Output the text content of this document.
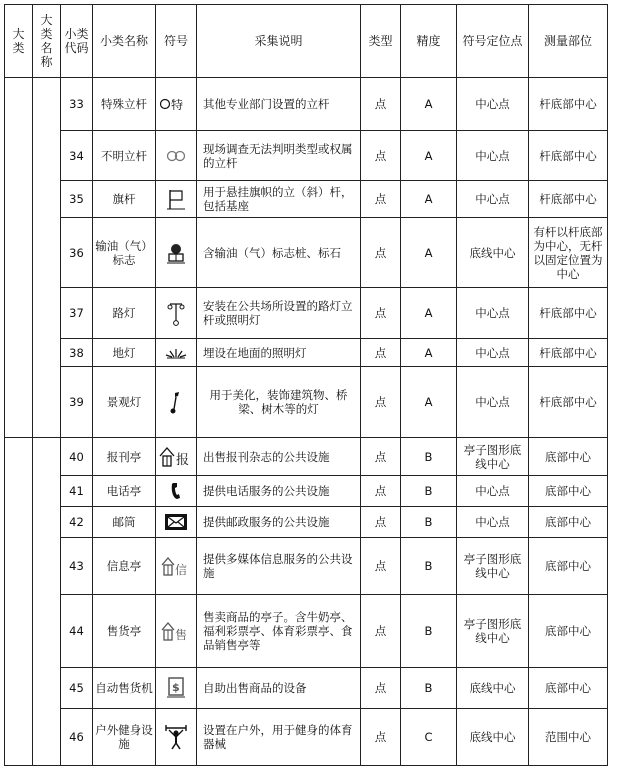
大类	大类名称	小类代码	小类名称	符号	采集说明	类型	精度	符号定位点	测量部位
		33	特殊立杆	特	其他专业部门设置的立杆	点	A	中心点	杆底部中心
		34	不明立杆		现场调查无法判明类型或权属的立杆	点	A	中心点	杆底部中心
		35	旗杆		用于悬挂旗帜的立（斜）杆，包括基座	点	A	中心点	杆底部中心
		36	输油（气）标志		含输油（气）标志桩、标石	点	A	底线中心	有杆以杆底部为中心，无杆以固定位置为中心
		37	路灯		安装在公共场所设置的路灯立杆或照明灯	点	A	中心点	杆底部中心
		38	地灯		埋设在地面的照明灯	点	A	中心点	杆底部中心
		39	景观灯		用于美化，装饰建筑物、桥梁、树木等的灯	点	A	中心点	杆底部中心
		40	报刊亭	报	出售报刊杂志的公共设施	点	B	亭子图形底线中心	底部中心
		41	电话亭		提供电话服务的公共设施	点	B	中心点	底部中心
		42	邮筒		提供邮政服务的公共设施	点	B	中心点	底部中心
		43	信息亭	信	提供多媒体信息服务的公共设施	点	B	亭子图形底线中心	底部中心
		44	售货亭	售	售卖商品的亭子。含牛奶亭、福利彩票亭、体育彩票亭、食品销售亭等	点	B	亭子图形底线中心	底部中心
		45	自动售货机	$	自助出售商品的设备	点	B	底线中心	底部中心
		46	户外健身设施		设置在户外，用于健身的体育器械	点	C	底线中心	范围中心
